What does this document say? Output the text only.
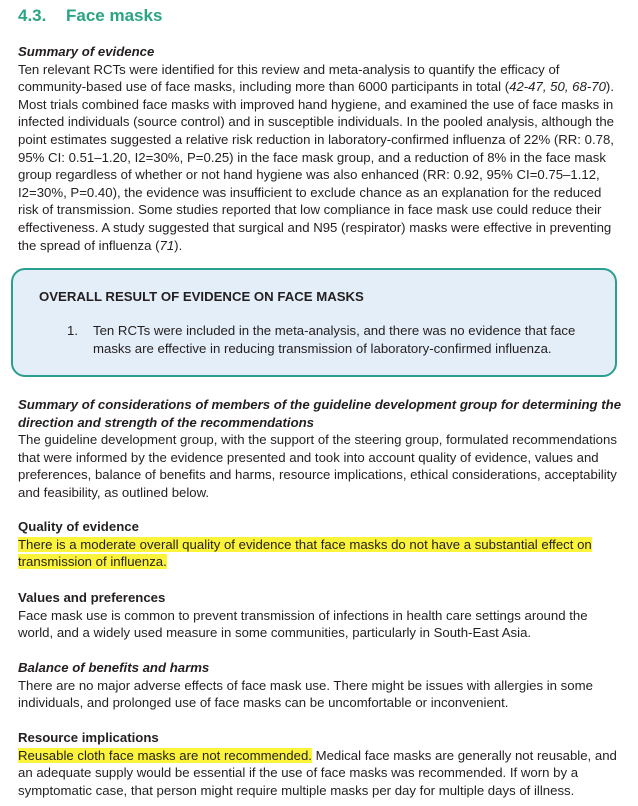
4.3. Face masks
Summary of evidence

Ten relevant RCTs were identified for this review and meta-analysis to quantify the efficacy of community-based use of face masks, including more than 6000 participants in total (42-47, 50, 68-70). Most trials combined face masks with improved hand hygiene, and examined the use of face masks in infected individuals (source control) and in susceptible individuals. In the pooled analysis, although the point estimates suggested a relative risk reduction in laboratory-confirmed influenza of 22% (RR: 0.78, 95% CI: 0.51–1.20, I2=30%, P=0.25) in the face mask group, and a reduction of 8% in the face mask group regardless of whether or not hand hygiene was also enhanced (RR: 0.92, 95% CI=0.75–1.12, I2=30%, P=0.40), the evidence was insufficient to exclude chance as an explanation for the reduced risk of transmission. Some studies reported that low compliance in face mask use could reduce their effectiveness. A study suggested that surgical and N95 (respirator) masks were effective in preventing the spread of influenza (71).

OVERALL RESULT OF EVIDENCE ON FACE MASKS
1. Ten RCTs were included in the meta-analysis, and there was no evidence that face masks are effective in reducing transmission of laboratory-confirmed influenza.
Summary of considerations of members of the guideline development group for determining the direction and strength of the recommendations

The guideline development group, with the support of the steering group, formulated recommendations that were informed by the evidence presented and took into account quality of evidence, values and preferences, balance of benefits and harms, resource implications, ethical considerations, acceptability and feasibility, as outlined below.

Quality of evidence

There is a moderate overall quality of evidence that face masks do not have a substantial effect on transmission of influenza.

Values and preferences

Face mask use is common to prevent transmission of infections in health care settings around the world, and a widely used measure in some communities, particularly in South-East Asia.

Balance of benefits and harms

There are no major adverse effects of face mask use. There might be issues with allergies in some individuals, and prolonged use of face masks can be uncomfortable or inconvenient.

Resource implications

Reusable cloth face masks are not recommended. Medical face masks are generally not reusable, and an adequate supply would be essential if the use of face masks was recommended. If worn by a symptomatic case, that person might require multiple masks per day for multiple days of illness.
